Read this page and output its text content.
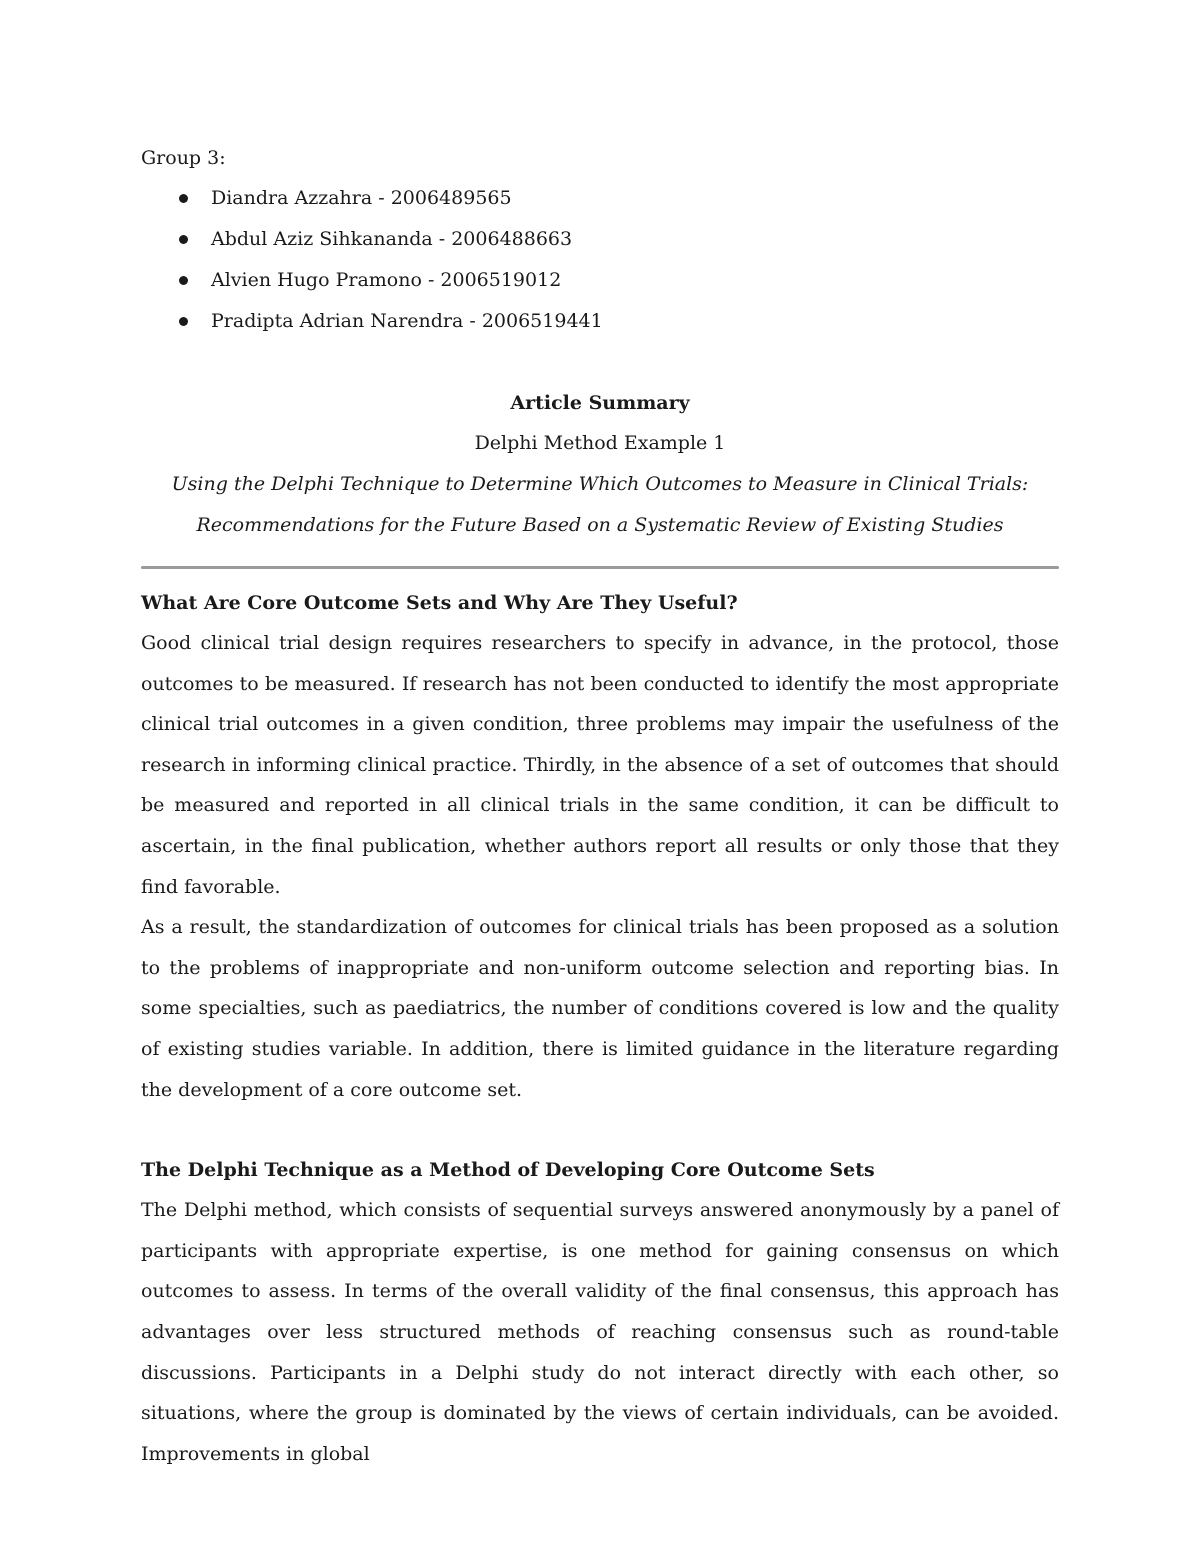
Group 3:

Diandra Azzahra - 2006489565
Abdul Aziz Sihkananda - 2006488663
Alvien Hugo Pramono - 2006519012
Pradipta Adrian Narendra - 2006519441

Article Summary

Delphi Method Example 1

Using the Delphi Technique to Determine Which Outcomes to Measure in Clinical Trials:

Recommendations for the Future Based on a Systematic Review of Existing Studies

What Are Core Outcome Sets and Why Are They Useful?

Good clinical trial design requires researchers to specify in advance, in the protocol, those outcomes to be measured. If research has not been conducted to identify the most appropriate clinical trial outcomes in a given condition, three problems may impair the usefulness of the research in informing clinical practice. Thirdly, in the absence of a set of outcomes that should be measured and reported in all clinical trials in the same condition, it can be difficult to ascertain, in the final publication, whether authors report all results or only those that they find favorable.

As a result, the standardization of outcomes for clinical trials has been proposed as a solution to the problems of inappropriate and non-uniform outcome selection and reporting bias. In some specialties, such as paediatrics, the number of conditions covered is low and the quality of existing studies variable. In addition, there is limited guidance in the literature regarding the development of a core outcome set.

The Delphi Technique as a Method of Developing Core Outcome Sets

The Delphi method, which consists of sequential surveys answered anonymously by a panel of participants with appropriate expertise, is one method for gaining consensus on which outcomes to assess. In terms of the overall validity of the final consensus, this approach has advantages over less structured methods of reaching consensus such as round-table discussions. Participants in a Delphi study do not interact directly with each other, so situations, where the group is dominated by the views of certain individuals, can be avoided. Improvements in global
